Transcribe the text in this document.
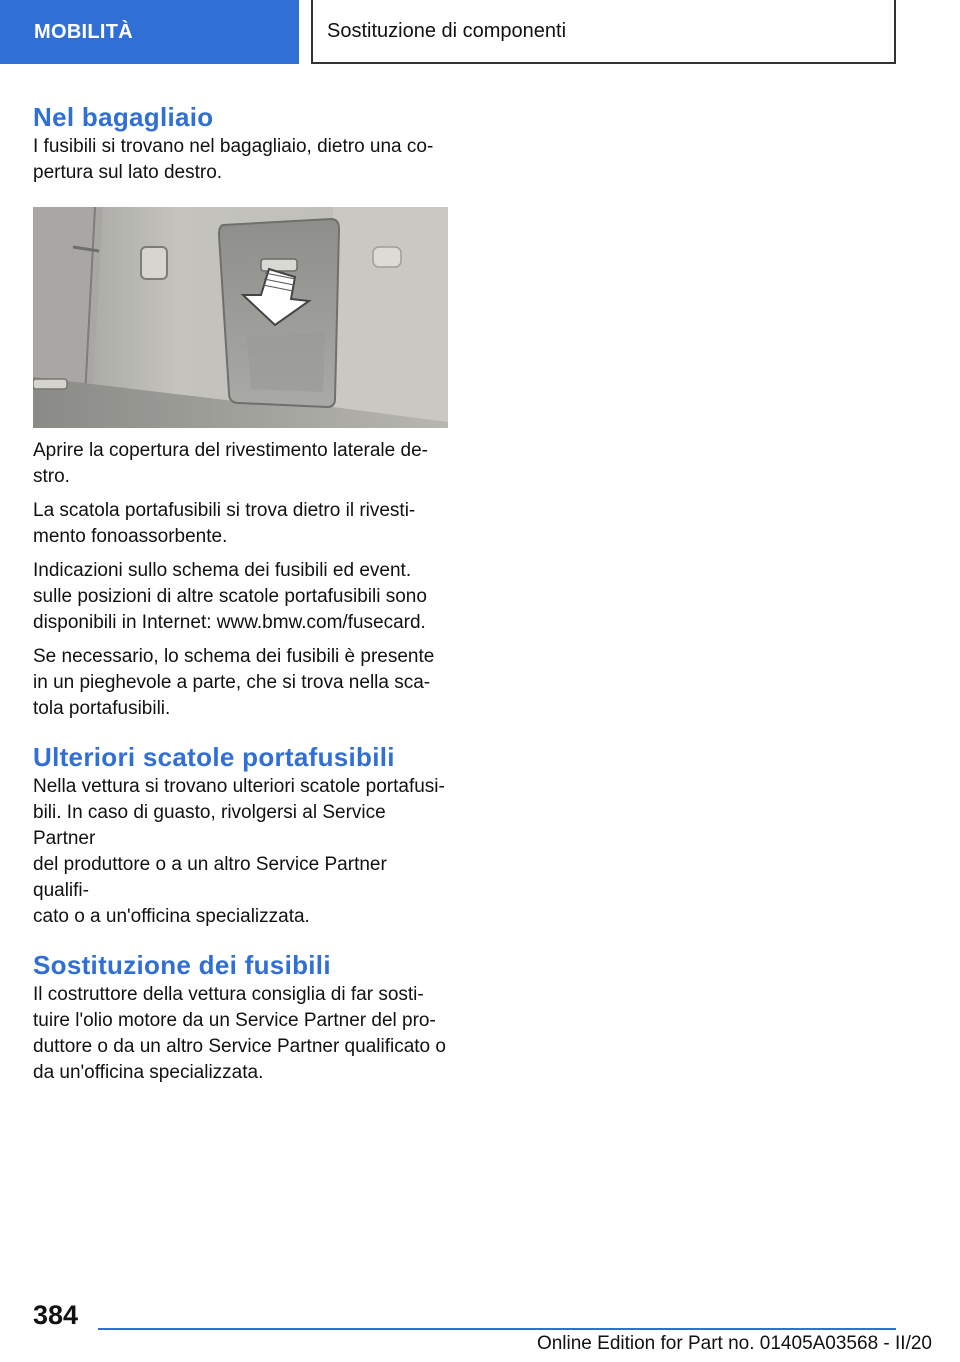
MOBILITÀ	Sostituzione di componenti
Nel bagagliaio

I fusibili si trovano nel bagagliaio, dietro una co-
pertura sul lato destro.

Aprire la copertura del rivestimento laterale de-
stro.

La scatola portafusibili si trova dietro il rivesti-
mento fonoassorbente.

Indicazioni sullo schema dei fusibili ed event.
sulle posizioni di altre scatole portafusibili sono
disponibili in Internet: www.bmw.com/fusecard.

Se necessario, lo schema dei fusibili è presente
in un pieghevole a parte, che si trova nella sca-
tola portafusibili.

Ulteriori scatole portafusibili

Nella vettura si trovano ulteriori scatole portafusi-
bili. In caso di guasto, rivolgersi al Service Partner
del produttore o a un altro Service Partner qualifi-
cato o a un'officina specializzata.

Sostituzione dei fusibili

Il costruttore della vettura consiglia di far sosti-
tuire l'olio motore da un Service Partner del pro-
duttore o da un altro Service Partner qualificato o
da un'officina specializzata.

384
Online Edition for Part no. 01405A03568 - II/20
